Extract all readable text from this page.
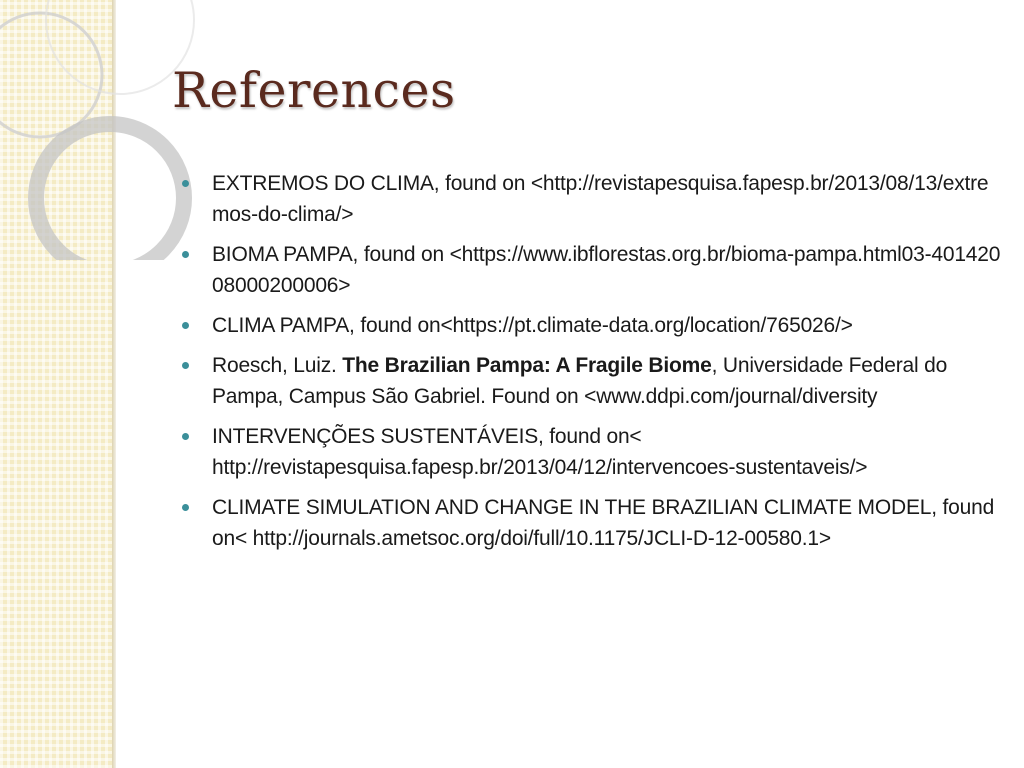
References
EXTREMOS DO CLIMA, found on <http://revistapesquisa.fapesp.br/2013/08/13/extremos-do-clima/>
BIOMA PAMPA, found on <https://www.ibflorestas.org.br/bioma-pampa.html03-40142008000200006>
CLIMA PAMPA, found on<https://pt.climate-data.org/location/765026/>
Roesch, Luiz. The Brazilian Pampa: A Fragile Biome, Universidade Federal do Pampa, Campus São Gabriel. Found on <www.ddpi.com/journal/diversity
INTERVENÇÕES SUSTENTÁVEIS, found on< http://revistapesquisa.fapesp.br/2013/04/12/intervencoes-sustentaveis/>
CLIMATE SIMULATION AND CHANGE IN THE BRAZILIAN CLIMATE MODEL, found on< http://journals.ametsoc.org/doi/full/10.1175/JCLI-D-12-00580.1>
